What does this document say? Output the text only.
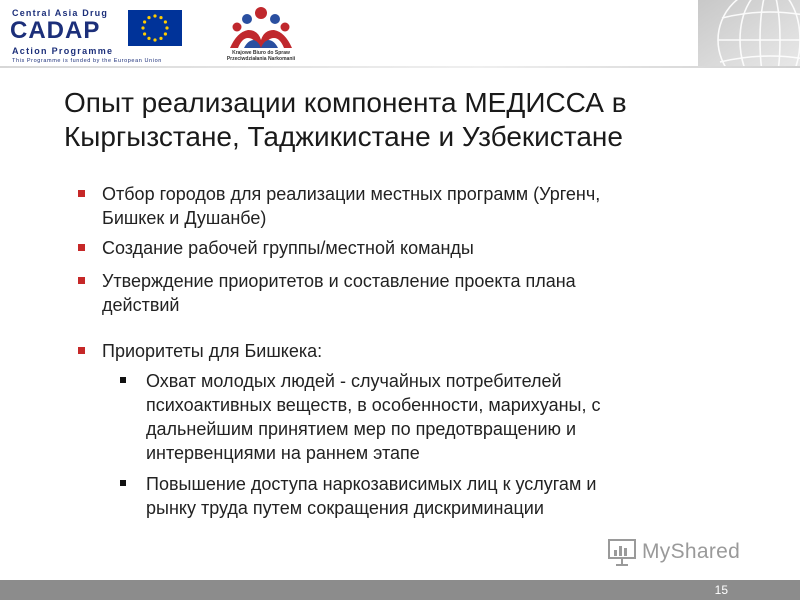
Central Asia Drug
CADAP
Action Programme
This Programme is funded by the European Union
Krajowe Biuro do Spraw Przeciwdziałania Narkomanii
Опыт реализации компонента МЕДИССА в
Кыргызстане, Таджикистане и Узбекистане
Отбор городов для реализации местных программ (Ургенч,
Бишкек и Душанбе)
Создание рабочей группы/местной команды
Утверждение приоритетов и составление проекта плана
действий
Приоритеты для Бишкека:
Охват молодых людей - случайных потребителей
психоактивных веществ, в особенности, марихуаны, с
дальнейшим принятием мер по предотвращению и
интервенциями на раннем этапе
Повышение доступа наркозависимых лиц к услугам и
рынку труда путем сокращения дискриминации
MyShared
15
